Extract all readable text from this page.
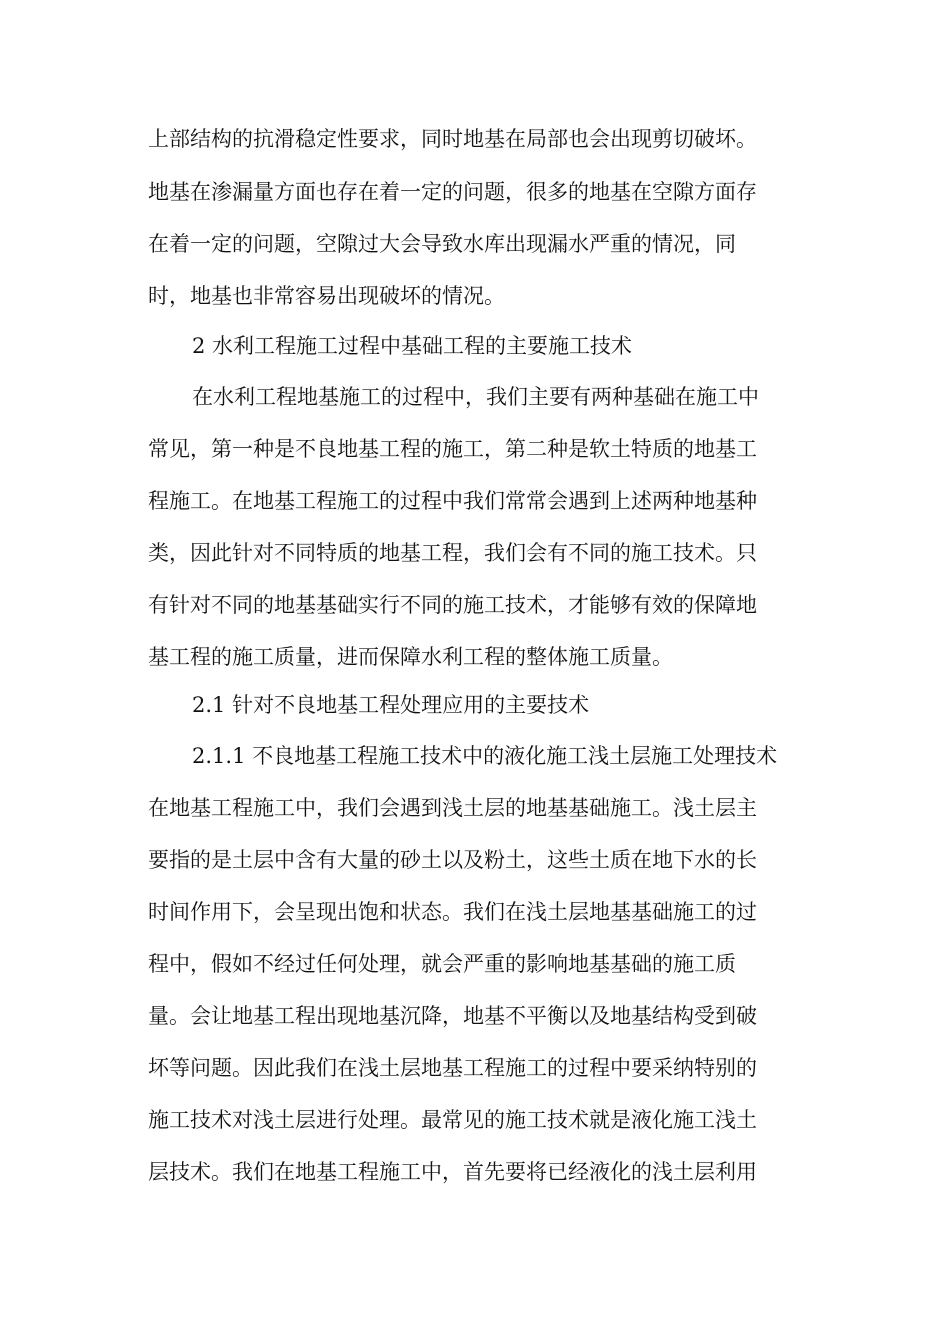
上部结构的抗滑稳定性要求，同时地基在局部也会出现剪切破坏。
地基在渗漏量方面也存在着一定的问题，很多的地基在空隙方面存
在着一定的问题，空隙过大会导致水库出现漏水严重的情况，同
时，地基也非常容易出现破坏的情况。
2 水利工程施工过程中基础工程的主要施工技术
在水利工程地基施工的过程中，我们主要有两种基础在施工中
常见，第一种是不良地基工程的施工，第二种是软土特质的地基工
程施工。在地基工程施工的过程中我们常常会遇到上述两种地基种
类，因此针对不同特质的地基工程，我们会有不同的施工技术。只
有针对不同的地基基础实行不同的施工技术，才能够有效的保障地
基工程的施工质量，进而保障水利工程的整体施工质量。
2.1 针对不良地基工程处理应用的主要技术
2.1.1 不良地基工程施工技术中的液化施工浅土层施工处理技术
在地基工程施工中，我们会遇到浅土层的地基基础施工。浅土层主
要指的是土层中含有大量的砂土以及粉土，这些土质在地下水的长
时间作用下，会呈现出饱和状态。我们在浅土层地基基础施工的过
程中，假如不经过任何处理，就会严重的影响地基基础的施工质
量。会让地基工程出现地基沉降，地基不平衡以及地基结构受到破
坏等问题。因此我们在浅土层地基工程施工的过程中要采纳特别的
施工技术对浅土层进行处理。最常见的施工技术就是液化施工浅土
层技术。我们在地基工程施工中，首先要将已经液化的浅土层利用
